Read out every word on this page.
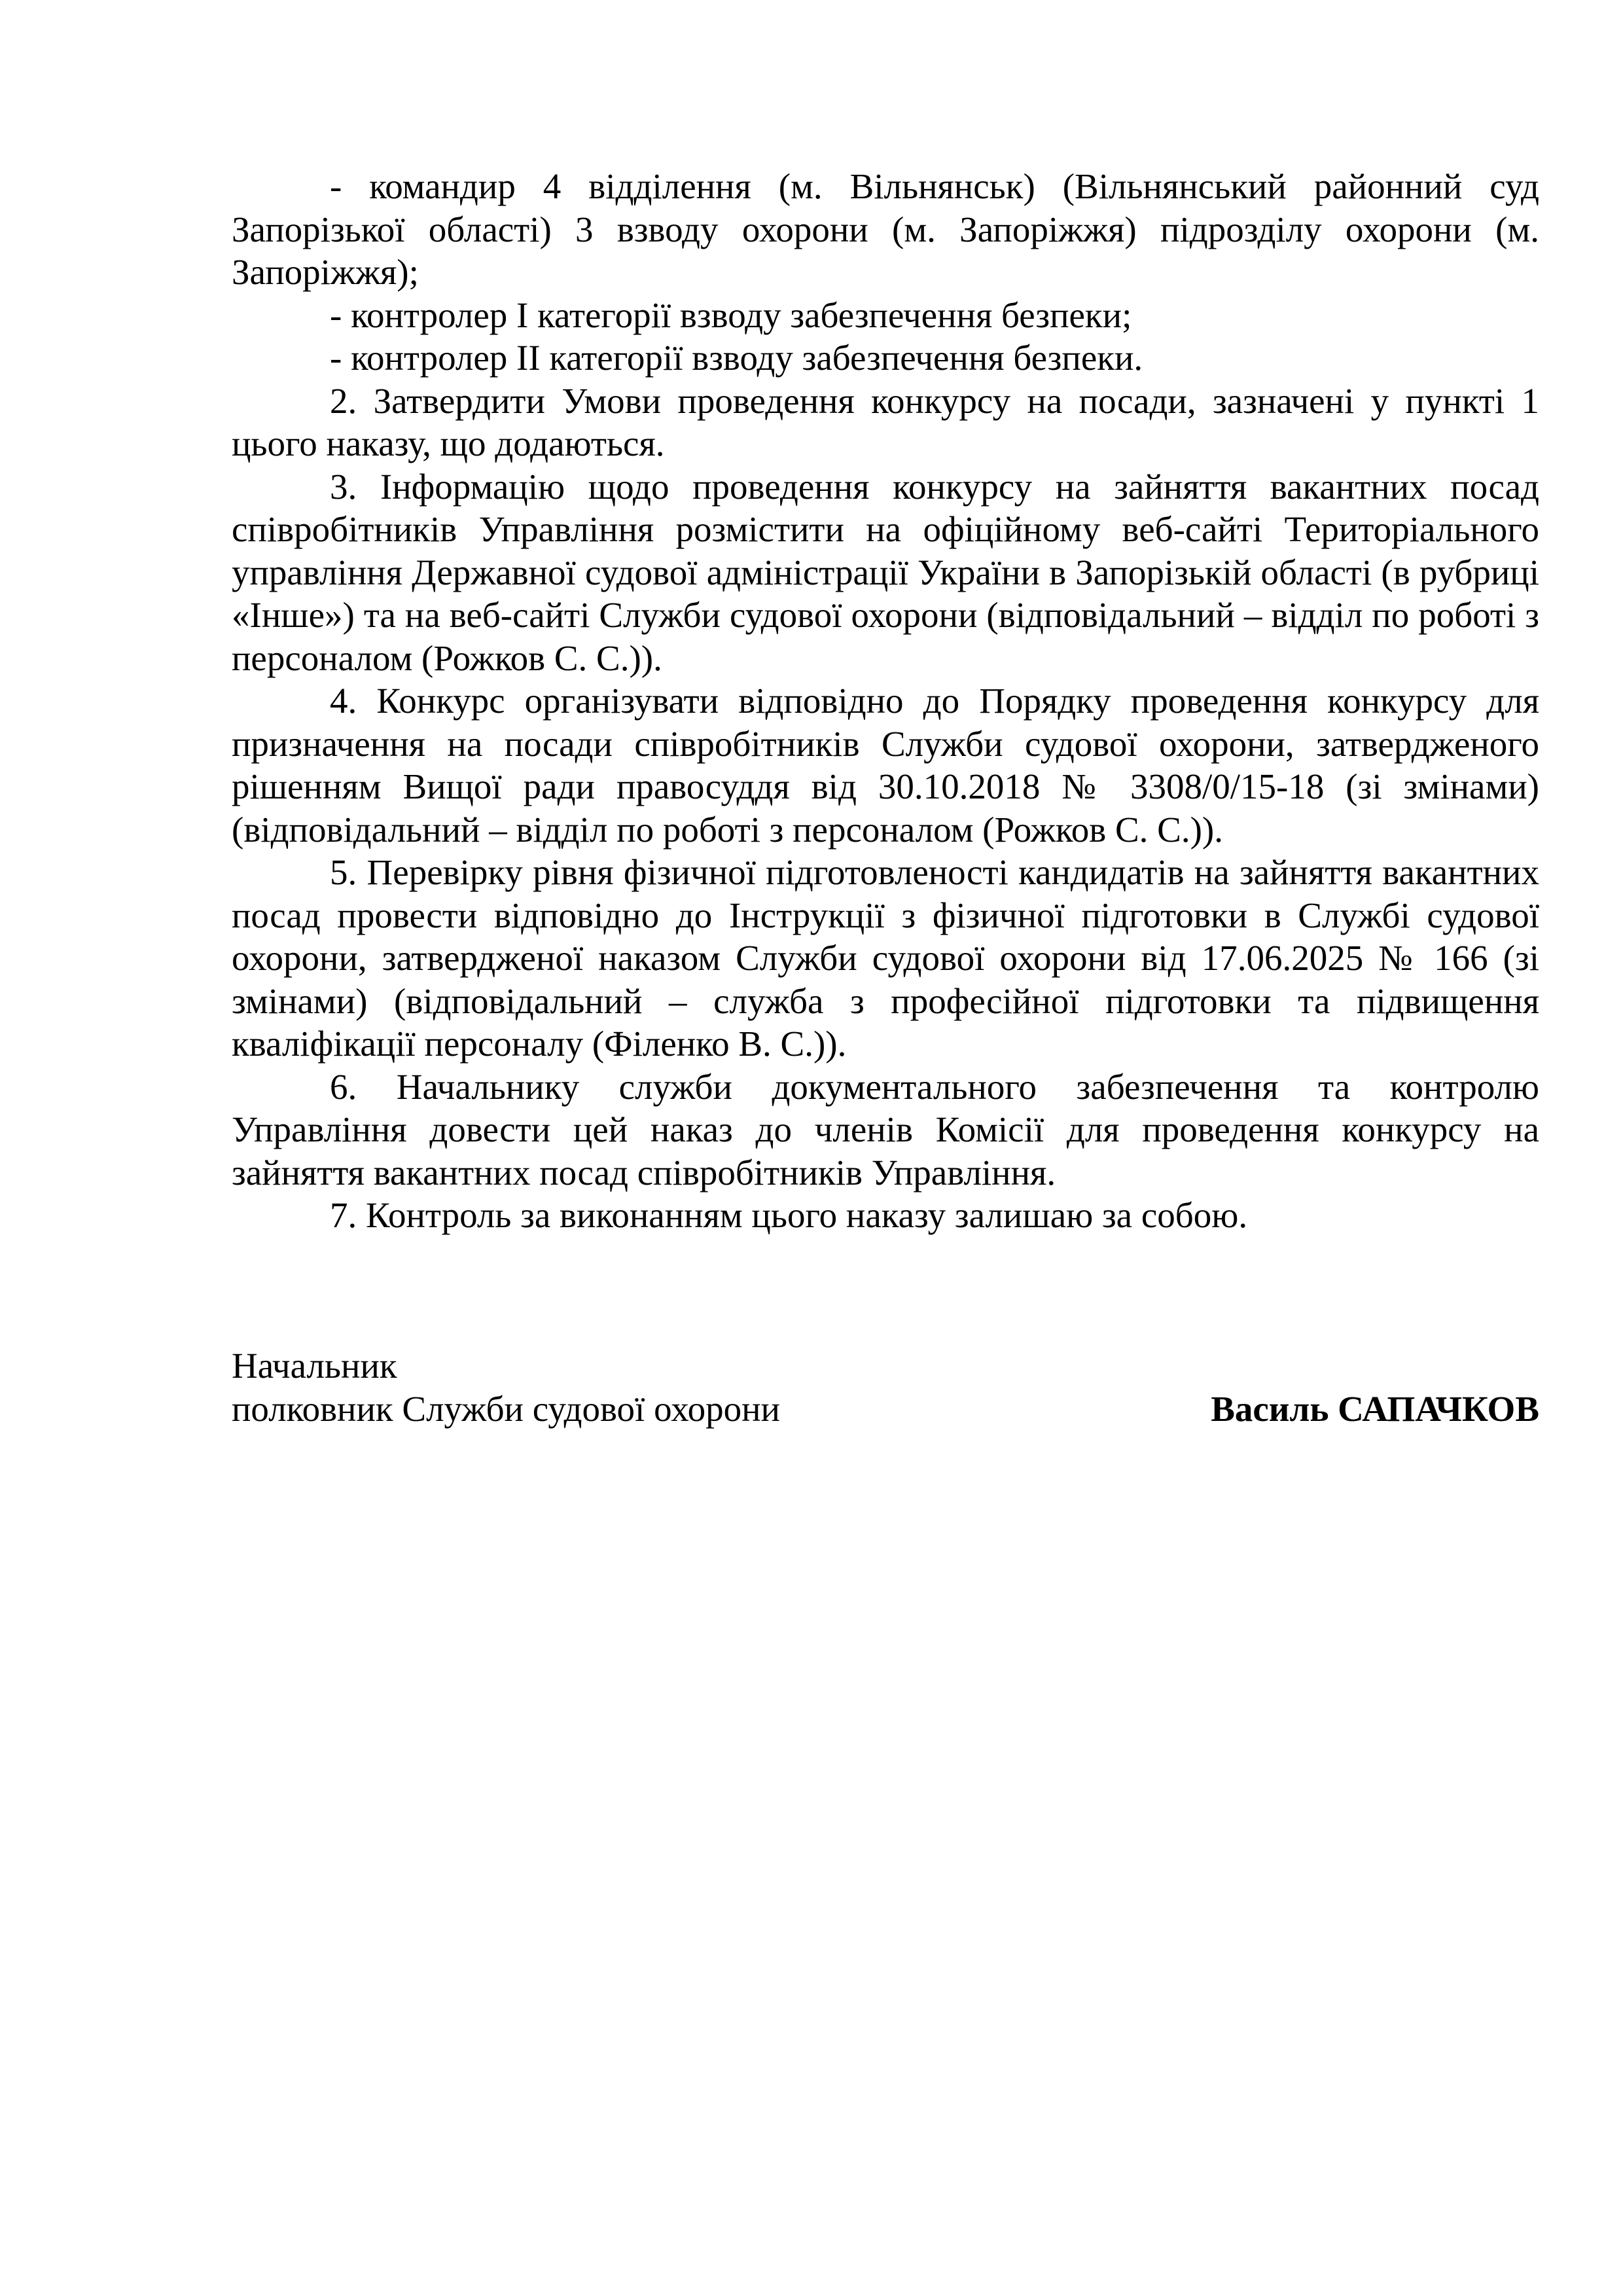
- командир 4 відділення (м. Вільнянськ) (Вільнянський районний суд Запорізької області) 3 взводу охорони (м. Запоріжжя) підрозділу охорони (м. Запоріжжя);

- контролер I категорії взводу забезпечення безпеки;

- контролер II категорії взводу забезпечення безпеки.

2. Затвердити Умови проведення конкурсу на посади, зазначені у пункті 1 цього наказу, що додаються.

3. Інформацію щодо проведення конкурсу на зайняття вакантних посад співробітників Управління розмістити на офіційному веб-сайті Територіального управління Державної судової адміністрації України в Запорізькій області (в рубриці «Інше») та на веб-сайті Служби судової охорони (відповідальний – відділ по роботі з персоналом (Рожков С. С.)).

4. Конкурс організувати відповідно до Порядку проведення конкурсу для призначення на посади співробітників Служби судової охорони, затвердженого рішенням Вищої ради правосуддя від 30.10.2018 № 3308/0/15-18 (зі змінами) (відповідальний – відділ по роботі з персоналом (Рожков С. С.)).

5. Перевірку рівня фізичної підготовленості кандидатів на зайняття вакантних посад провести відповідно до Інструкції з фізичної підготовки в Службі судової охорони, затвердженої наказом Служби судової охорони від 17.06.2025 № 166 (зі змінами) (відповідальний – служба з професійної підготовки та підвищення кваліфікації персоналу (Філенко В. С.)).

6. Начальнику служби документального забезпечення та контролю Управління довести цей наказ до членів Комісії для проведення конкурсу на зайняття вакантних посад співробітників Управління.

7. Контроль за виконанням цього наказу залишаю за собою.

Начальник
полковник Служби судової охорони	Василь САПАЧКОВ
